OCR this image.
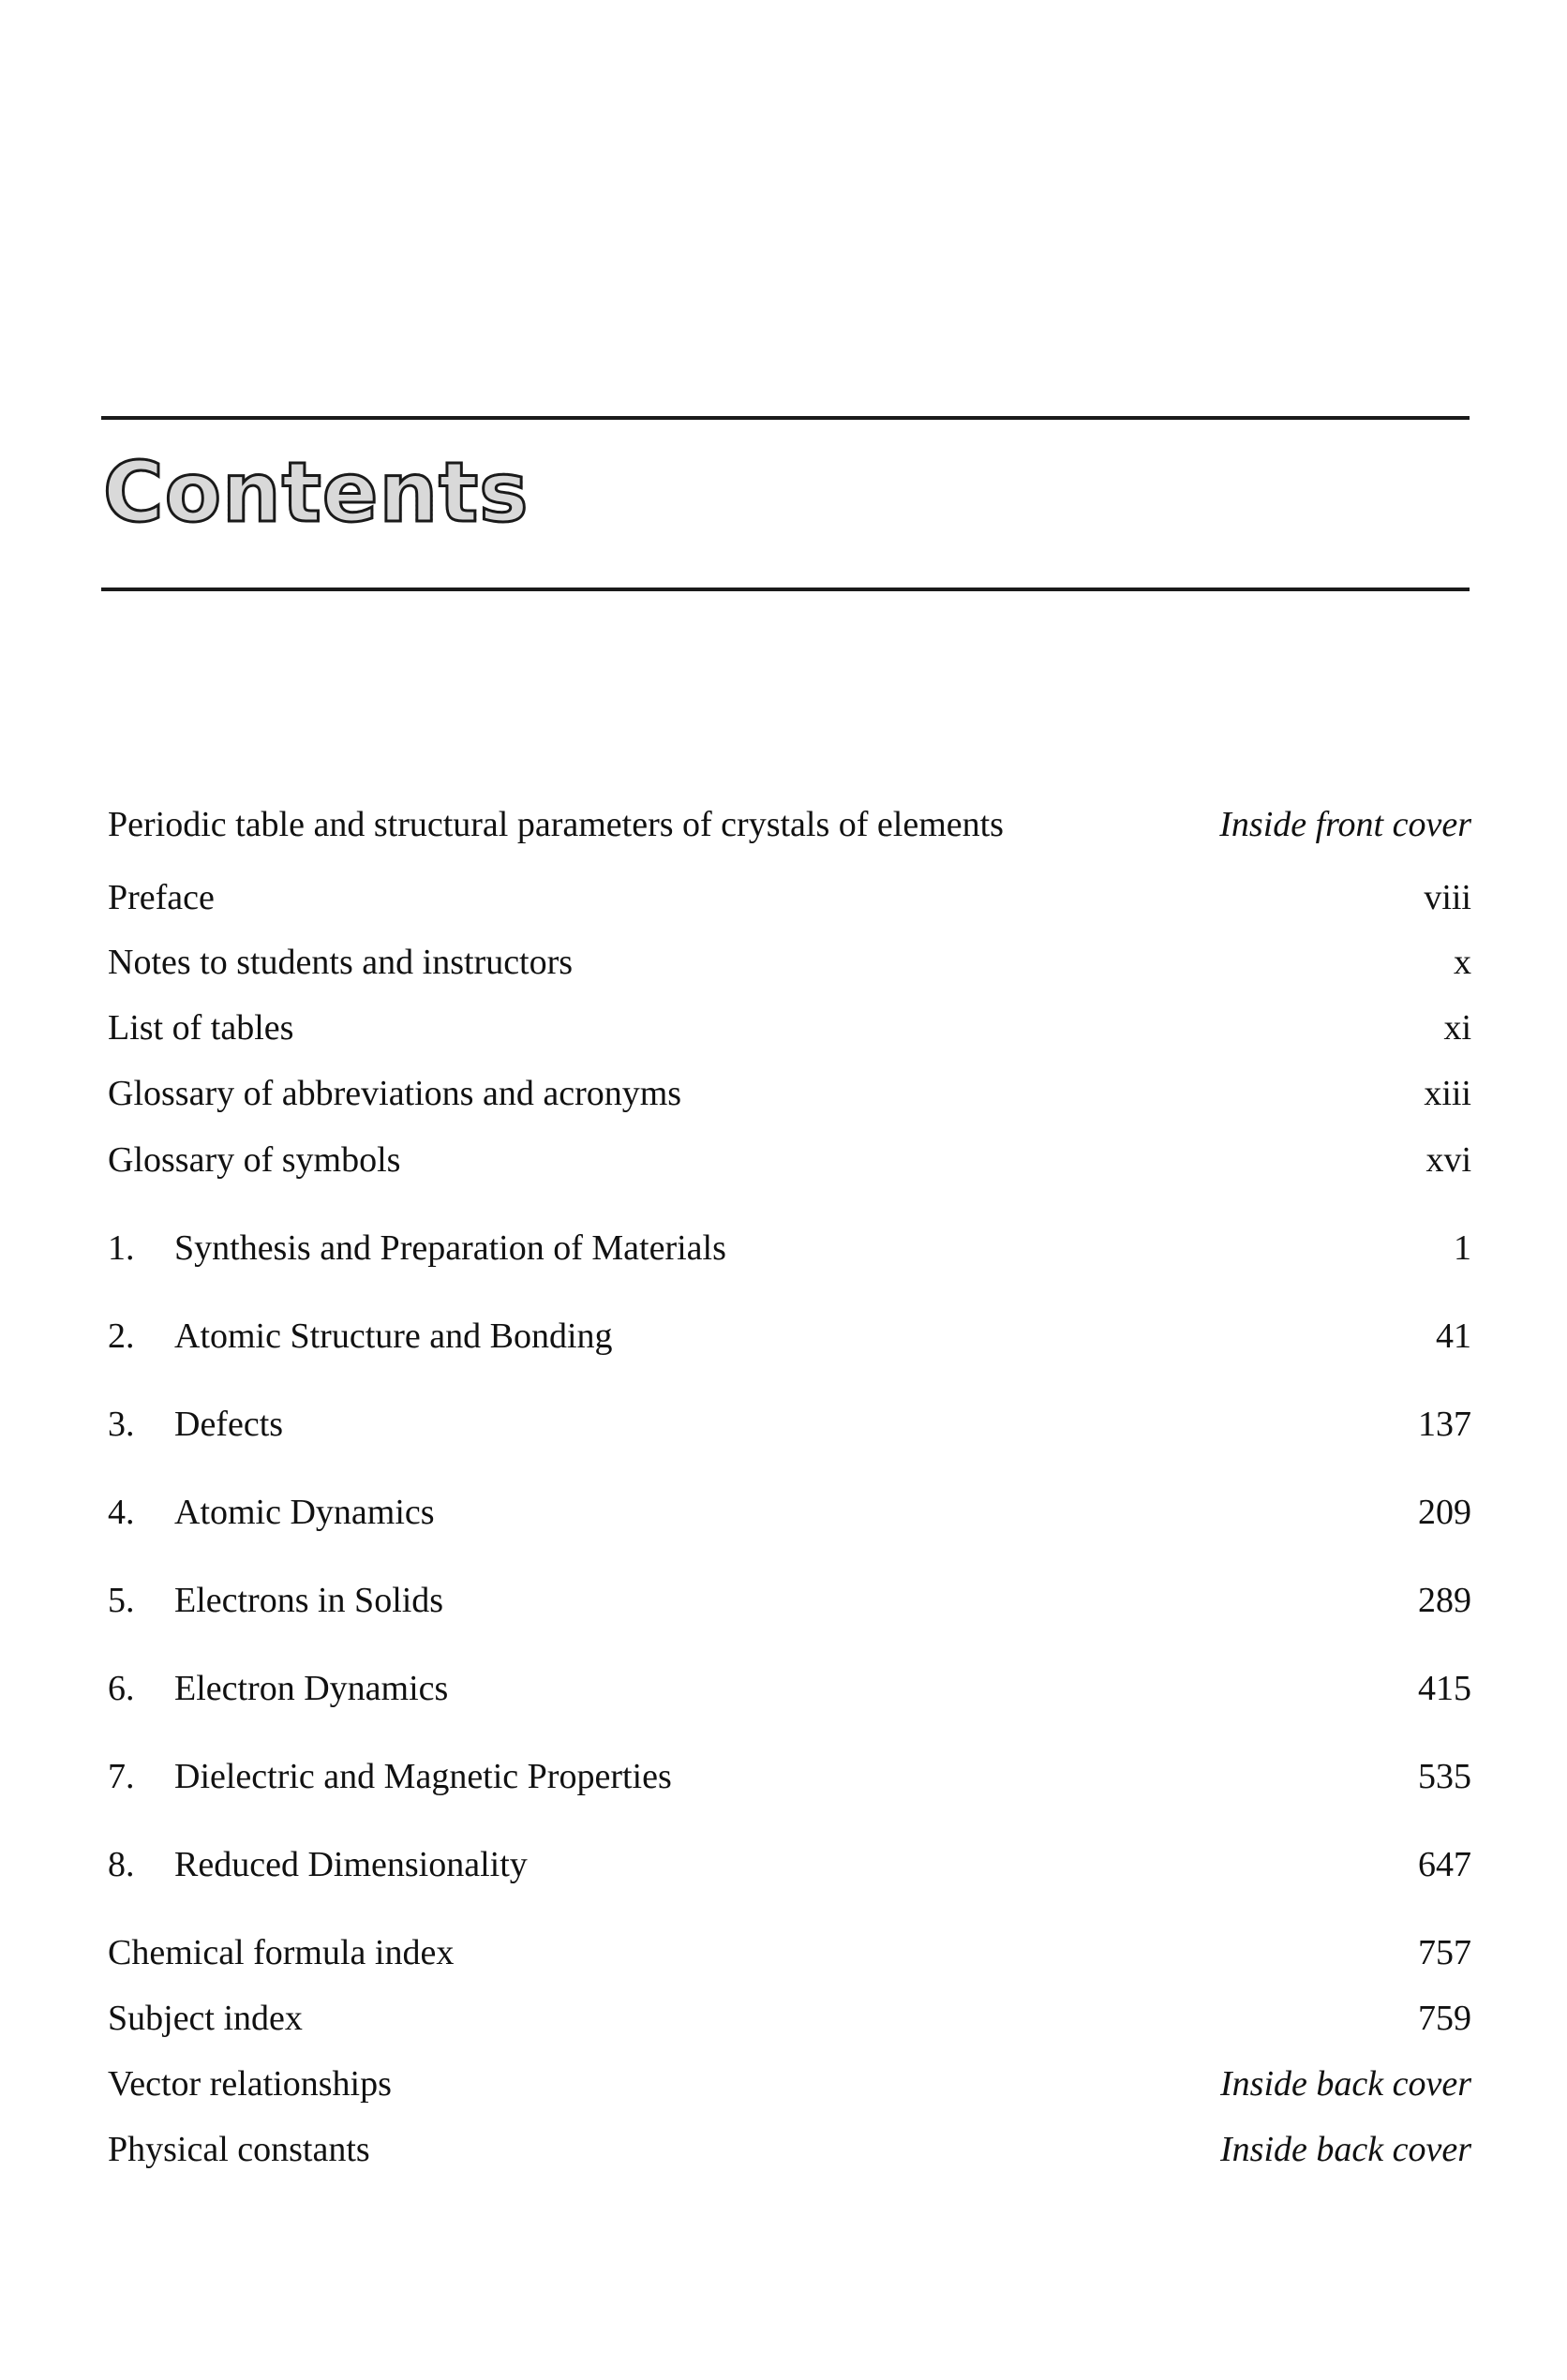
Contents
Periodic table and structural parameters of crystals of elements	Inside front cover
Preface	viii
Notes to students and instructors	x
List of tables	xi
Glossary of abbreviations and acronyms	xiii
Glossary of symbols	xvi
1. Synthesis and Preparation of Materials	1
2. Atomic Structure and Bonding	41
3. Defects	137
4. Atomic Dynamics	209
5. Electrons in Solids	289
6. Electron Dynamics	415
7. Dielectric and Magnetic Properties	535
8. Reduced Dimensionality	647
Chemical formula index	757
Subject index	759
Vector relationships	Inside back cover
Physical constants	Inside back cover
